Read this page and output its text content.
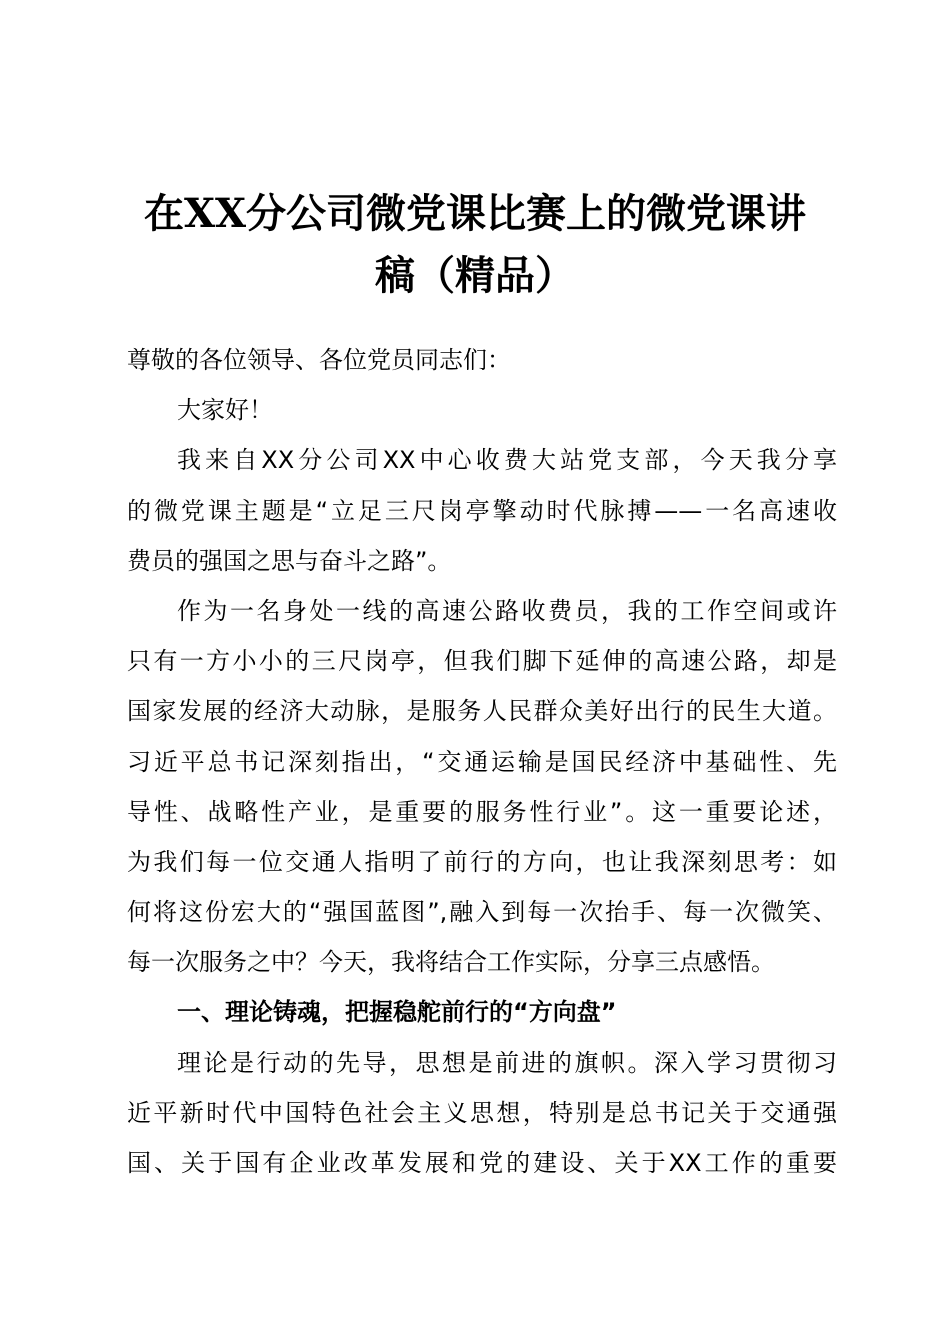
在XX分公司微党课比赛上的微党课讲
稿（精品）
尊敬的各位领导、各位党员同志们：
大家好！
我来自XX分公司XX中心收费大站党支部，今天我分享
的微党课主题是“立足三尺岗亭擎动时代脉搏——一名高速收
费员的强国之思与奋斗之路”。
作为一名身处一线的高速公路收费员，我的工作空间或许
只有一方小小的三尺岗亭，但我们脚下延伸的高速公路，却是
国家发展的经济大动脉，是服务人民群众美好出行的民生大道。
习近平总书记深刻指出，“交通运输是国民经济中基础性、先
导性、战略性产业，是重要的服务性行业”。这一重要论述，
为我们每一位交通人指明了前行的方向，也让我深刻思考：如
何将这份宏大的“强国蓝图”,融入到每一次抬手、每一次微笑、
每一次服务之中？今天，我将结合工作实际，分享三点感悟。
一、理论铸魂，把握稳舵前行的“方向盘”
理论是行动的先导，思想是前进的旗帜。深入学习贯彻习
近平新时代中国特色社会主义思想，特别是总书记关于交通强
国、关于国有企业改革发展和党的建设、关于XX工作的重要
